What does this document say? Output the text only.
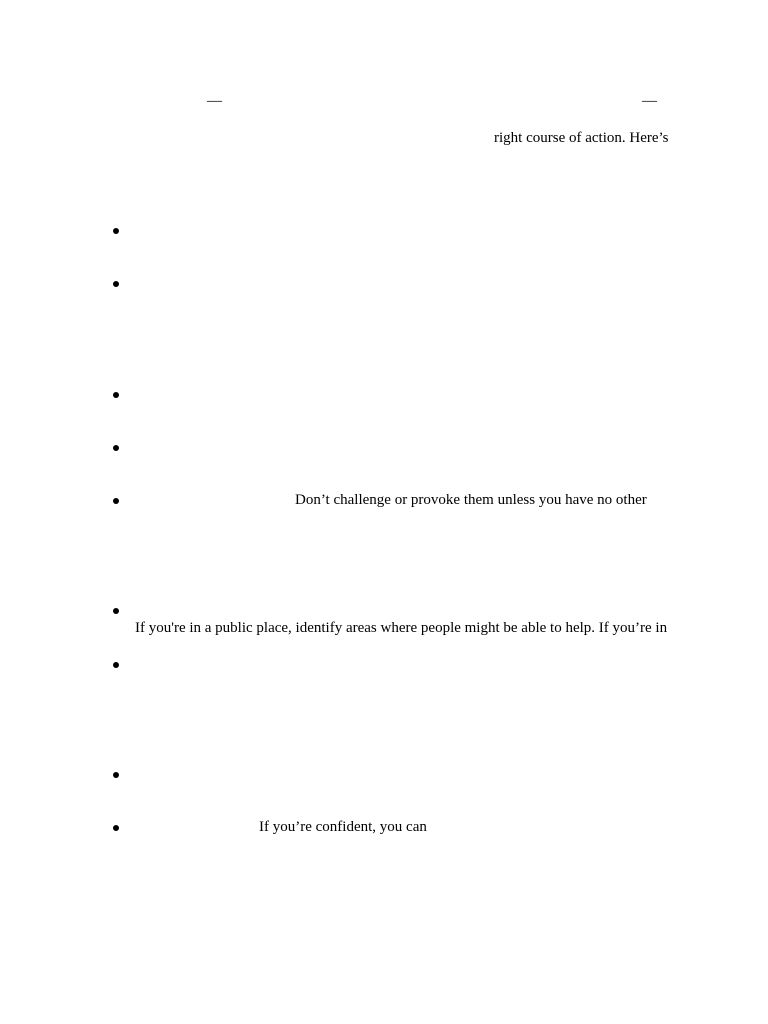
—	—
right course of action. Here’s
Don’t challenge or provoke them unless you have no other
If you're in a public place, identify areas where people might be able to help. If you’re in
If you’re confident, you can
